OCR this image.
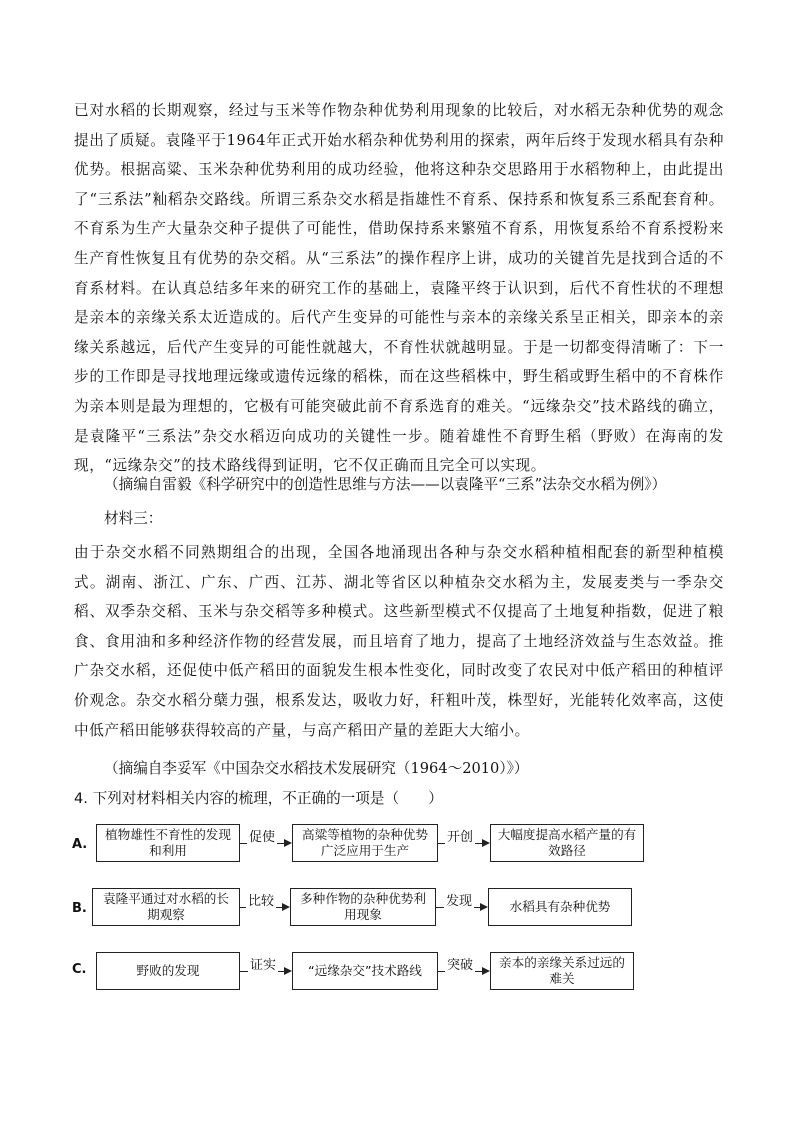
已对水稻的长期观察，经过与玉米等作物杂种优势利用现象的比较后，对水稻无杂种优势的观念提出了质疑。袁隆平于1964年正式开始水稻杂种优势利用的探索，两年后终于发现水稻具有杂种优势。根据高粱、玉米杂种优势利用的成功经验，他将这种杂交思路用于水稻物种上，由此提出了“三系法”籼稻杂交路线。所谓三系杂交水稻是指雄性不育系、保持系和恢复系三系配套育种。不育系为生产大量杂交种子提供了可能性，借助保持系来繁殖不育系，用恢复系给不育系授粉来生产育性恢复且有优势的杂交稻。从“三系法”的操作程序上讲，成功的关键首先是找到合适的不育系材料。在认真总结多年来的研究工作的基础上，袁隆平终于认识到，后代不育性状的不理想是亲本的亲缘关系太近造成的。后代产生变异的可能性与亲本的亲缘关系呈正相关，即亲本的亲缘关系越远，后代产生变异的可能性就越大，不育性状就越明显。于是一切都变得清晰了：下一步的工作即是寻找地理远缘或遗传远缘的稻株，而在这些稻株中，野生稻或野生稻中的不育株作为亲本则是最为理想的，它极有可能突破此前不育系选育的难关。“远缘杂交”技术路线的确立，是袁隆平“三系法”杂交水稻迈向成功的关键性一步。随着雄性不育野生稻（野败）在海南的发现，“远缘杂交”的技术路线得到证明，它不仅正确而且完全可以实现。
（摘编自雷毅《科学研究中的创造性思维与方法——以袁隆平“三系”法杂交水稻为例》）
材料三：
由于杂交水稻不同熟期组合的出现，全国各地涌现出各种与杂交水稻种植相配套的新型种植模式。湖南、浙江、广东、广西、江苏、湖北等省区以种植杂交水稻为主，发展麦类与一季杂交稻、双季杂交稻、玉米与杂交稻等多种模式。这些新型模式不仅提高了土地复种指数，促进了粮食、食用油和多种经济作物的经营发展，而且培育了地力，提高了土地经济效益与生态效益。推广杂交水稻，还促使中低产稻田的面貌发生根本性变化，同时改变了农民对中低产稻田的种植评价观念。杂交水稻分蘖力强，根系发达，吸收力好，秆粗叶茂，株型好，光能转化效率高，这使中低产稻田能够获得较高的产量，与高产稻田产量的差距大大缩小。
（摘编自李妥军《中国杂交水稻技术发展研究（1964～2010）》）
4. 下列对材料相关内容的梳理，不正确的一项是（　　）
A.
植物雄性不育性的发现和利用
促使	高粱等植物的杂种优势广泛应用于生产
开创	大幅度提高水稻产量的有效路径
B.
袁隆平通过对水稻的长期观察
比较	多种作物的杂种优势利用现象
发现	水稻具有杂种优势
C.	野败的发现	证实	“远缘杂交”技术路线	突破	亲本的亲缘关系过远的难关
